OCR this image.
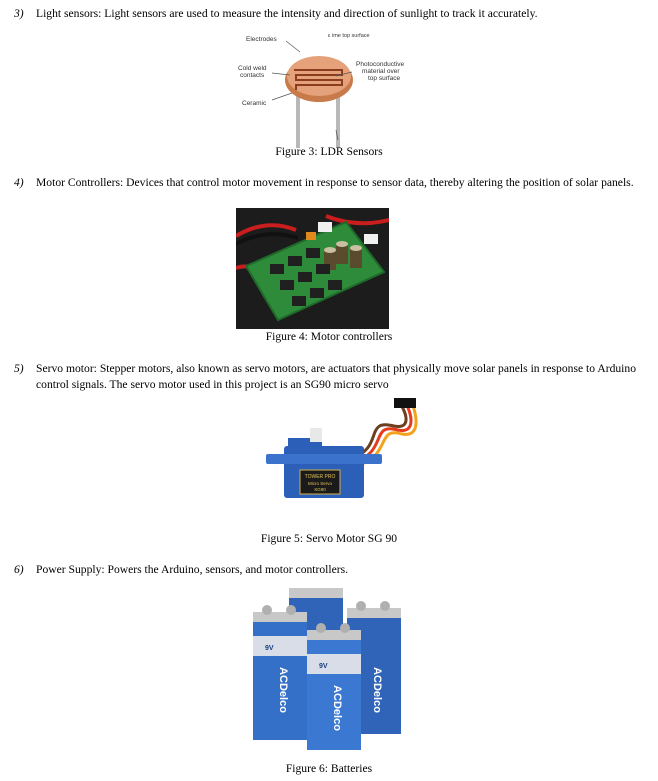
3) Light sensors: Light sensors are used to measure the intensity and direction of sunlight to track it accurately.
Electrodes	ε ime top surface
Cold weld
contacts
Photoconductive
material over
top surface
Ceramic
Figure 3: LDR Sensors
4) Motor Controllers: Devices that control motor movement in response to sensor data, thereby altering the position of solar panels.
Figure 4: Motor controllers
5) Servo motor: Stepper motors, also known as servo motors, are actuators that physically move solar panels in response to Arduino control signals. The servo motor used in this project is an SG90 micro servo
TOWER PRO
Micro Servo
SG90
Figure 5: Servo Motor SG 90
6) Power Supply: Powers the Arduino, sensors, and motor controllers.
ACDelco
ACDelco
9V
ACDelco
9V
Figure 6: Batteries
